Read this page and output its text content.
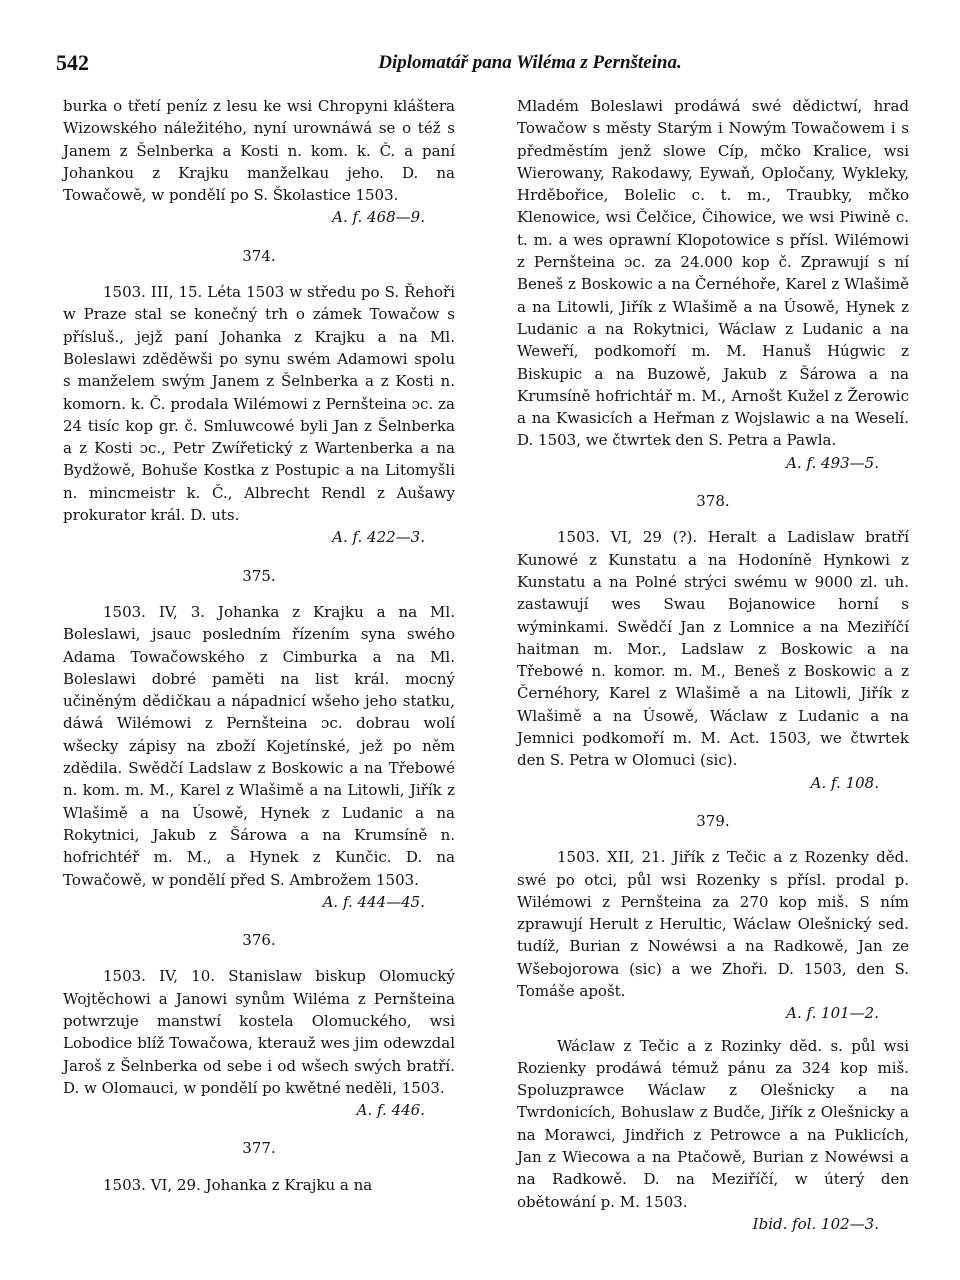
542	Diplomatář pana Wiléma z Pernšteina.

burka o třetí peníz z lesu ke wsi Chropyni kláštera Wizowského náležitého, nyní urownáwá se o též s Janem z Šelnberka a Kosti n. kom. k. Č. a paní Johankou z Krajku manželkau jeho. D. na Towačowě, w pondělí po S. Školastice 1503.

A. f. 468—9.

374.

1503. III, 15. Léta 1503 w středu po S. Řehoři w Praze stal se konečný trh o zámek Towačow s přísluš., jejž paní Johanka z Krajku a na Ml. Boleslawi zděděwši po synu swém Adamowi spolu s manželem swým Janem z Šelnberka a z Kosti n. komorn. k. Č. prodala Wilémowi z Pernšteina ɔc. za 24 tisíc kop gr. č. Smluwcowé byli Jan z Šelnberka a z Kosti ɔc., Petr Zwířetický z Wartenberka a na Bydžowě, Bohuše Kostka z Postupic a na Litomyšli n. mincmeistr k. Č., Albrecht Rendl z Aušawy prokurator král. D. uts.

A. f. 422—3.

375.

1503. IV, 3. Johanka z Krajku a na Ml. Boleslawi, jsauc posledním řízením syna swého Adama Towačowského z Cimburka a na Ml. Boleslawi dobré paměti na list král. mocný učiněným dědičkau a nápadnicí wšeho jeho statku, dáwá Wilémowi z Pernšteina ɔc. dobrau wolí wšecky zápisy na zboží Kojetínské, jež po něm zdědila. Swědčí Ladslaw z Boskowic a na Třebowé n. kom. m. M., Karel z Wlašimě a na Litowli, Jiřík z Wlašimě a na Úsowě, Hynek z Ludanic a na Rokytnici, Jakub z Šárowa a na Krumsíně n. hofrichtéř m. M., a Hynek z Kunčic. D. na Towačowě, w pondělí před S. Ambrožem 1503.

A. f. 444—45.

376.

1503. IV, 10. Stanislaw biskup Olomucký Wojtěchowi a Janowi synům Wiléma z Pernšteina potwrzuje manstwí kostela Olomuckého, wsi Lobodice blíž Towačowa, kterauž wes jim odewzdal Jaroš z Šelnberka od sebe i od wšech swých bratří. D. w Olomauci, w pondělí po kwětné neděli, 1503.

A. f. 446.

377.

1503. VI, 29. Johanka z Krajku a na

Mladém Boleslawi prodáwá swé dědictwí, hrad Towačow s městy Starým i Nowým Towačowem i s předměstím jenž slowe Cíp, mčko Kralice, wsi Wierowany, Rakodawy, Eywaň, Opločany, Wykleky, Hrděbořice, Bolelic c. t. m., Traubky, mčko Klenowice, wsi Čelčice, Čihowice, we wsi Piwině c. t. m. a wes oprawní Klopotowice s přísl. Wilémowi z Pernšteina ɔc. za 24.000 kop č. Zprawují s ní Beneš z Boskowic a na Černéhoře, Karel z Wlašimě a na Litowli, Jiřík z Wlašimě a na Úsowě, Hynek z Ludanic a na Rokytnici, Wáclaw z Ludanic a na Weweří, podkomoří m. M. Hanuš Húgwic z Biskupic a na Buzowě, Jakub z Šárowa a na Krumsíně hofrichtář m. M., Arnošt Kužel z Žerowic a na Kwasicích a Heřman z Wojslawic a na Weselí. D. 1503, we čtwrtek den S. Petra a Pawla.

A. f. 493—5.

378.

1503. VI, 29 (?). Heralt a Ladislaw bratří Kunowé z Kunstatu a na Hodoníně Hynkowi z Kunstatu a na Polné strýci swému w 9000 zl. uh. zastawují wes Swau Bojanowice horní s wýminkami. Swědčí Jan z Lomnice a na Meziříčí haitman m. Mor., Ladslaw z Boskowic a na Třebowé n. komor. m. M., Beneš z Boskowic a z Černéhory, Karel z Wlašimě a na Litowli, Jiřík z Wlašimě a na Úsowě, Wáclaw z Ludanic a na Jemnici podkomoří m. M. Act. 1503, we čtwrtek den S. Petra w Olomuci (sic).

A. f. 108.

379.

1503. XII, 21. Jiřík z Tečic a z Rozenky děd. swé po otci, půl wsi Rozenky s přísl. prodal p. Wilémowi z Pernšteina za 270 kop miš. S ním zprawují Herult z Herultic, Wáclaw Olešnický sed. tudíž, Burian z Nowéwsi a na Radkowě, Jan ze Wšebojorowa (sic) a we Zhoři. D. 1503, den S. Tomáše apošt.

A. f. 101—2.

Wáclaw z Tečic a z Rozinky děd. s. půl wsi Rozienky prodáwá témuž pánu za 324 kop miš. Spoluzprawce Wáclaw z Olešnicky a na Twrdonicích, Bohuslaw z Budče, Jiřík z Olešnicky a na Morawci, Jindřich z Petrowce a na Puklicích, Jan z Wiecowa a na Ptačowě, Burian z Nowéwsi a na Radkowě. D. na Meziříčí, w úterý den obětowání p. M. 1503.

Ibid. fol. 102—3.
